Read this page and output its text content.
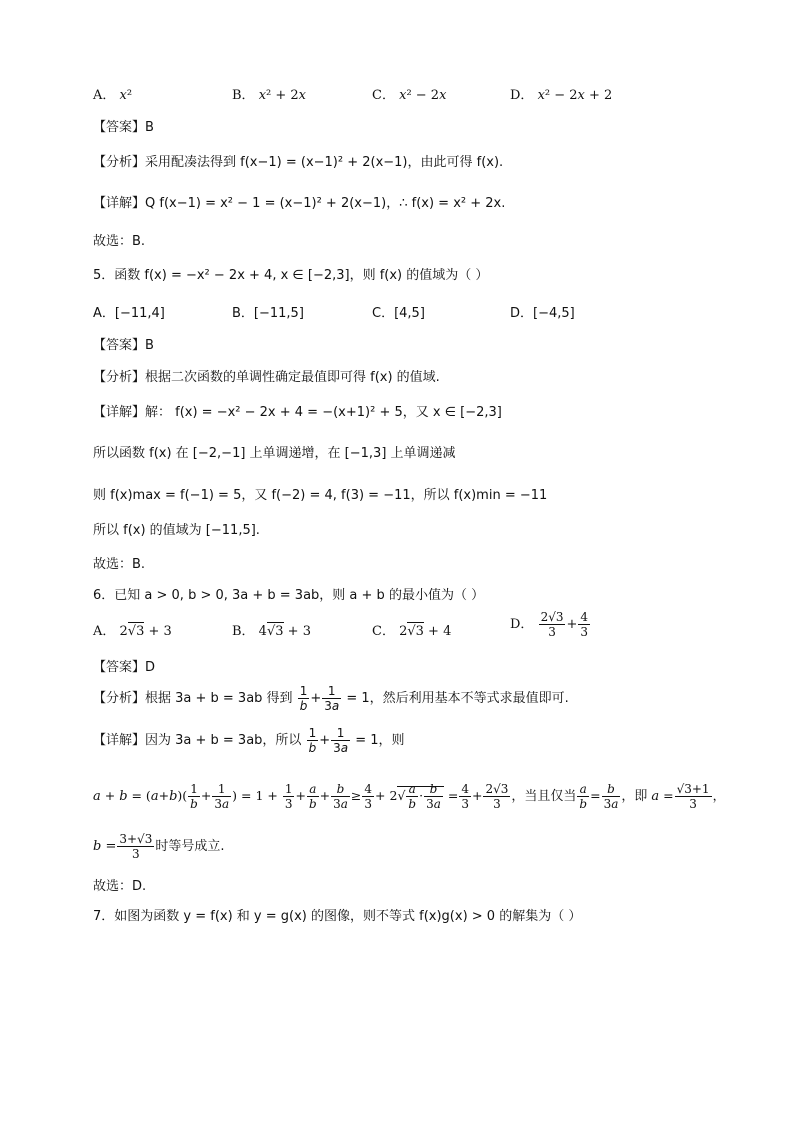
A． x²	B． x² + 2x	C． x² − 2x	D． x² − 2x + 2
【答案】B
【分析】采用配凑法得到 f(x−1) = (x−1)² + 2(x−1)，由此可得 f(x).
【详解】Q f(x−1) = x² − 1 = (x−1)² + 2(x−1)，∴ f(x) = x² + 2x.
故选：B.
5．函数 f(x) = −x² − 2x + 4, x ∈ [−2,3]，则 f(x) 的值域为（ ）
A．[−11,4]	B．[−11,5]	C．[4,5]	D．[−4,5]
【答案】B
【分析】根据二次函数的单调性确定最值即可得 f(x) 的值域.
【详解】解： f(x) = −x² − 2x + 4 = −(x+1)² + 5，又 x ∈ [−2,3]
所以函数 f(x) 在 [−2,−1] 上单调递增，在 [−1,3] 上单调递减
则 f(x)max = f(−1) = 5，又 f(−2) = 4, f(3) = −11，所以 f(x)min = −11
所以 f(x) 的值域为 [−11,5].
故选：B.
6．已知 a > 0, b > 0, 3a + b = 3ab，则 a + b 的最小值为（ ）
A． 2√3 + 3	B． 4√3 + 3	C． 2√3 + 4	D． $\frac{2√3}{3} + \frac{4}{3}$
【答案】D
【分析】根据 3a + b = 3ab 得到 $\frac{1}{b} + \frac{1}{3a} = 1$，然后利用基本不等式求最值即可.
【详解】因为 3a + b = 3ab，所以 $\frac{1}{b} + \frac{1}{3a} = 1$，则
$a + b = (a+b)( \frac{1}{b} + \frac{1}{3a}$ ) = $1 + \frac{1}{3} + \frac{a}{b} + \frac{b}{3a} \ge \frac{4}{3} + 2√ \frac{a}{b} \cdot \frac{b}{3a} = \frac{4}{3} + \frac{2√3}{3}$ ，当且仅当 $\frac{a}{b} = \frac{b}{3a}$ ，即 $a = \frac{√3+1}{3}$ ，
$b = \frac{3+√3}{3}$ 时等号成立.
故选：D.
7．如图为函数 y = f(x) 和 y = g(x) 的图像，则不等式 f(x)g(x) > 0 的解集为（ ）
